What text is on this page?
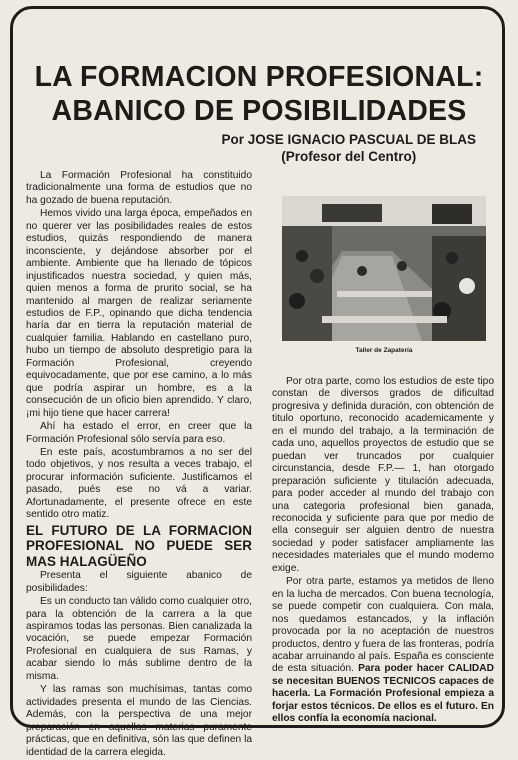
LA FORMACION PROFESIONAL:
ABANICO DE POSIBILIDADES
Por JOSE IGNACIO PASCUAL DE BLAS
(Profesor del Centro)

La Formación Profesional ha constituido tradicionalmente una forma de estudios que no ha gozado de buena reputación.

Hemos vivido una larga época, empeñados en no querer ver las posibilidades reales de estos estudios, quizás respondiendo de manera inconsciente, y dejándose absorber por el ambiente. Ambiente que ha llenado de tópicos injustificados nuestra sociedad, y quien más, quien menos a forma de prurito social, se ha mantenido al margen de realizar seriamente estudios de F.P., opinando que dicha tendencia haría dar en tierra la reputación material de cualquier familia. Hablando en castellano puro, hubo un tiempo de absoluto despretigio para la Formación Profesional, creyendo equivocadamente, que por ese camino, a lo más que podría aspirar un hombre, es a la consecución de un oficio bien aprendido. Y claro, ¡mi hijo tiene que hacer carrera!

Ahí ha estado el error, en creer que la Formación Profesional sólo servía para eso.

En este país, acostumbramos a no ser del todo objetivos, y nos resulta a veces trabajo, el procurar información suficiente. Justificamos el pasado, pués ese no vá a variar. Afortunadamente, el presente ofrece en este sentido otro matiz.

EL FUTURO DE LA FORMACION PROFESIONAL NO PUEDE SER MAS HALAGÜEÑO

Presenta el siguiente abanico de posibilidades:

Es un conducto tan válido como cualquier otro, para la obtención de la carrera a la que aspiramos todas las personas. Bien canalizada la vocación, se puede empezar Formación Profesional en cualquiera de sus Ramas, y acabar siendo lo más sublime dentro de la misma.

Y las ramas son muchísimas, tantas como actividades presenta el mundo de las Ciencias. Además, con la perspectiva de una mejor preparación en aquellas materias puramente prácticas, que en definitiva, són las que definen la identidad de la carrera elegida.

Taller de Zapatería

Por otra parte, como los estudios de este tipo constan de diversos grados de dificultad progresiva y definida duración, con obtención de titulo oportuno, reconocido academicamente y en el mundo del trabajo, a la terminación de cada uno, aquellos proyectos de estudio que se puedan ver truncados por cualquier circunstancia, desde F.P.— 1, han otorgado preparación suficiente y titulación adecuada, para poder acceder al mundo del trabajo con una categoria profesional bien ganada, reconocida y suficiente para que por medio de ella conseguir ser alguien dentro de nuestra sociedad y poder satisfacer ampliamente las necesidades materiales que el mundo moderno exige.

Por otra parte, estamos ya metidos de lleno en la lucha de mercados. Con buena tecnología, se puede competir con cualquiera. Con mala, nos quedamos estancados, y la inflación provocada por la no aceptación de nuestros productos, dentro y fuera de las fronteras, podría acabar arruinando al país. España es consciente de esta situación. Para poder hacer CALIDAD se necesitan BUENOS TECNICOS capaces de hacerla. La Formación Profesional empieza a forjar estos técnicos. De ellos es el futuro. En ellos confía la economía nacional.
